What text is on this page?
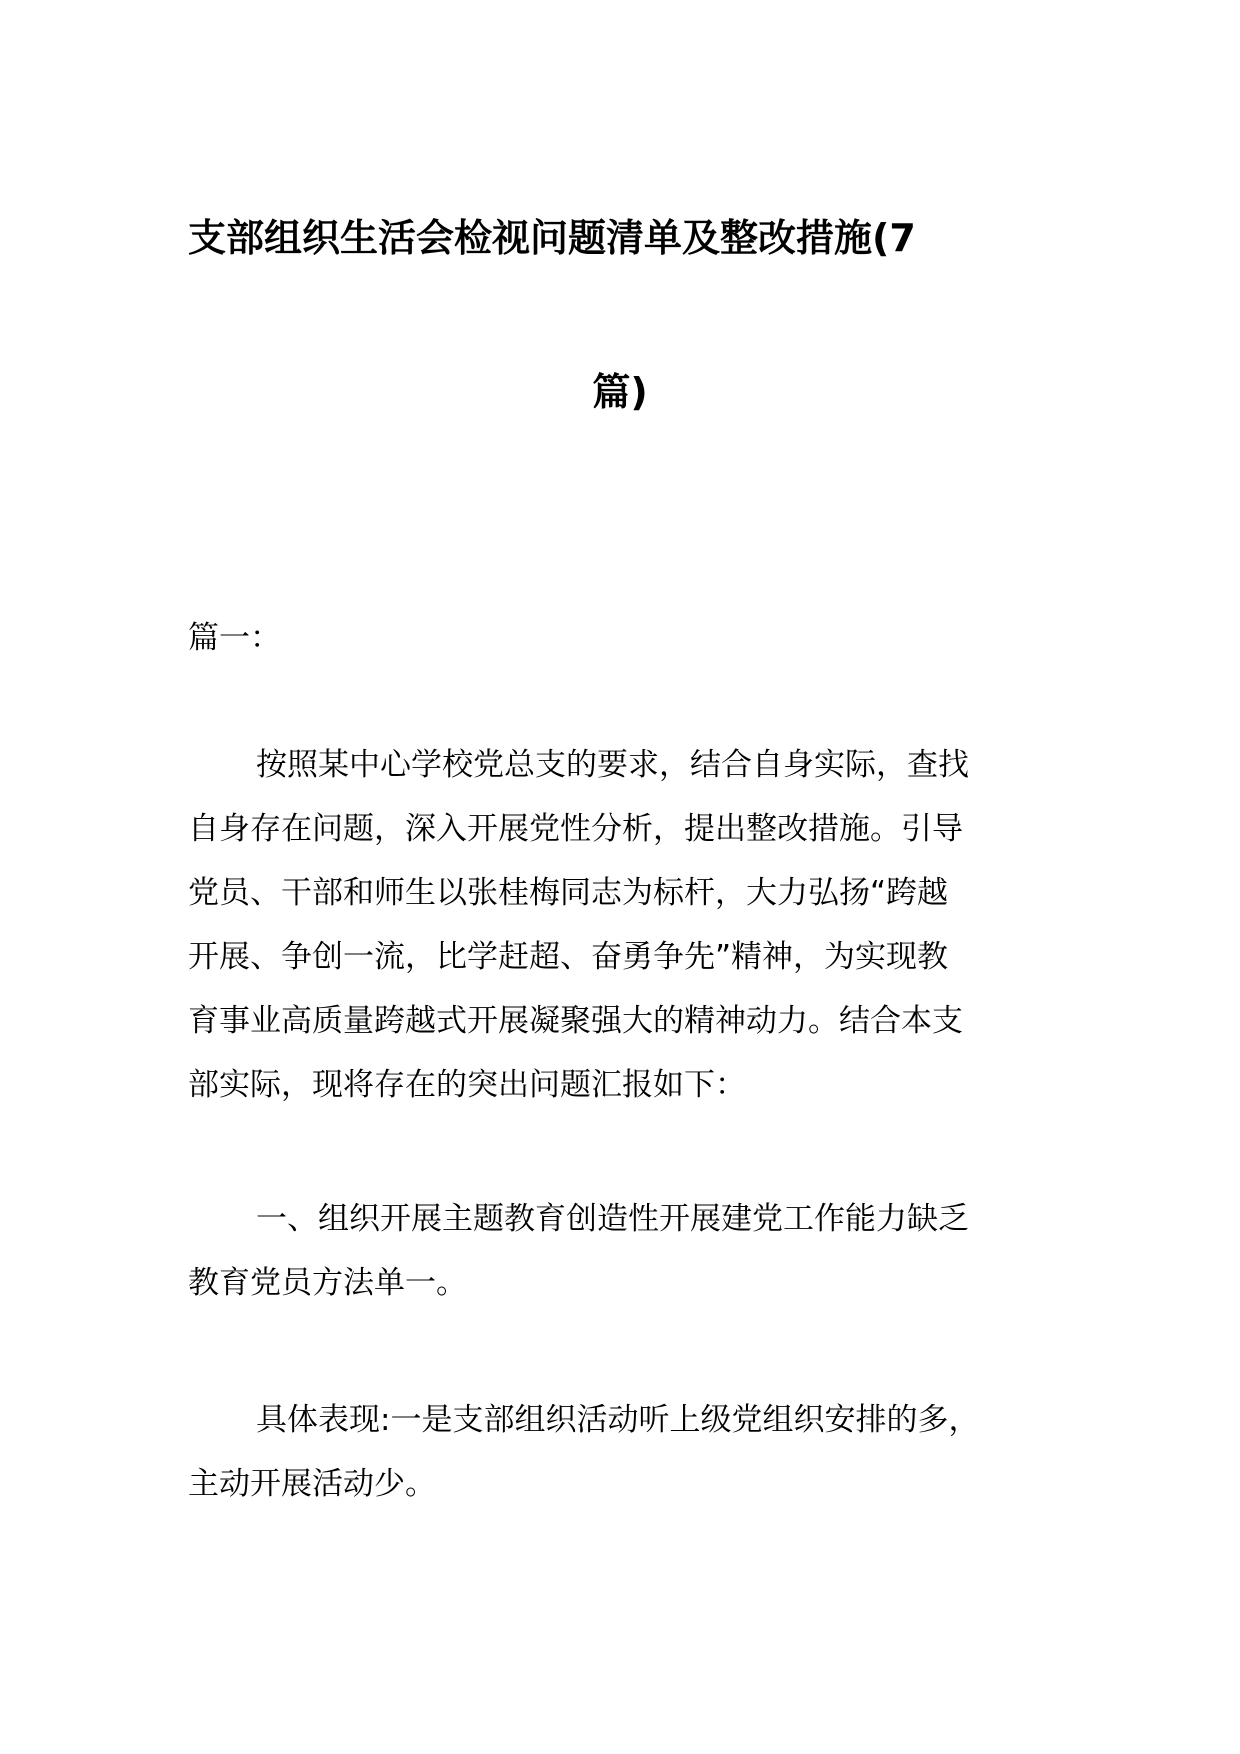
支部组织生活会检视问题清单及整改措施(7
篇)
篇一：
按照某中心学校党总支的要求，结合自身实际，查找
自身存在问题，深入开展党性分析，提出整改措施。引导
党员、干部和师生以张桂梅同志为标杆，大力弘扬“跨越
开展、争创一流，比学赶超、奋勇争先”精神，为实现教
育事业高质量跨越式开展凝聚强大的精神动力。结合本支
部实际，现将存在的突出问题汇报如下：
一、组织开展主题教育创造性开展建党工作能力缺乏
教育党员方法单一。
具体表现:一是支部组织活动听上级党组织安排的多，
主动开展活动少。
